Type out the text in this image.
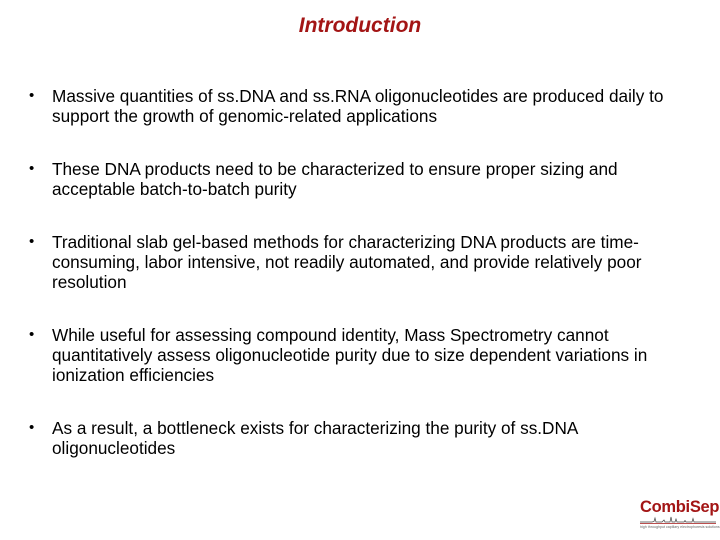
Introduction
• Massive quantities of ss.DNA and ss.RNA oligonucleotides are produced daily to support the growth of genomic-related applications
• These DNA products need to be characterized to ensure proper sizing and acceptable batch-to-batch purity
• Traditional slab gel-based methods for characterizing DNA products are time-consuming, labor intensive, not readily automated, and provide relatively poor resolution
• While useful for assessing compound identity, Mass Spectrometry cannot quantitatively assess oligonucleotide purity due to size dependent variations in ionization efficiencies
• As a result, a bottleneck exists for characterizing the purity of ss.DNA oligonucleotides
CombiSep
high throughput capillary electrophoresis solutions
